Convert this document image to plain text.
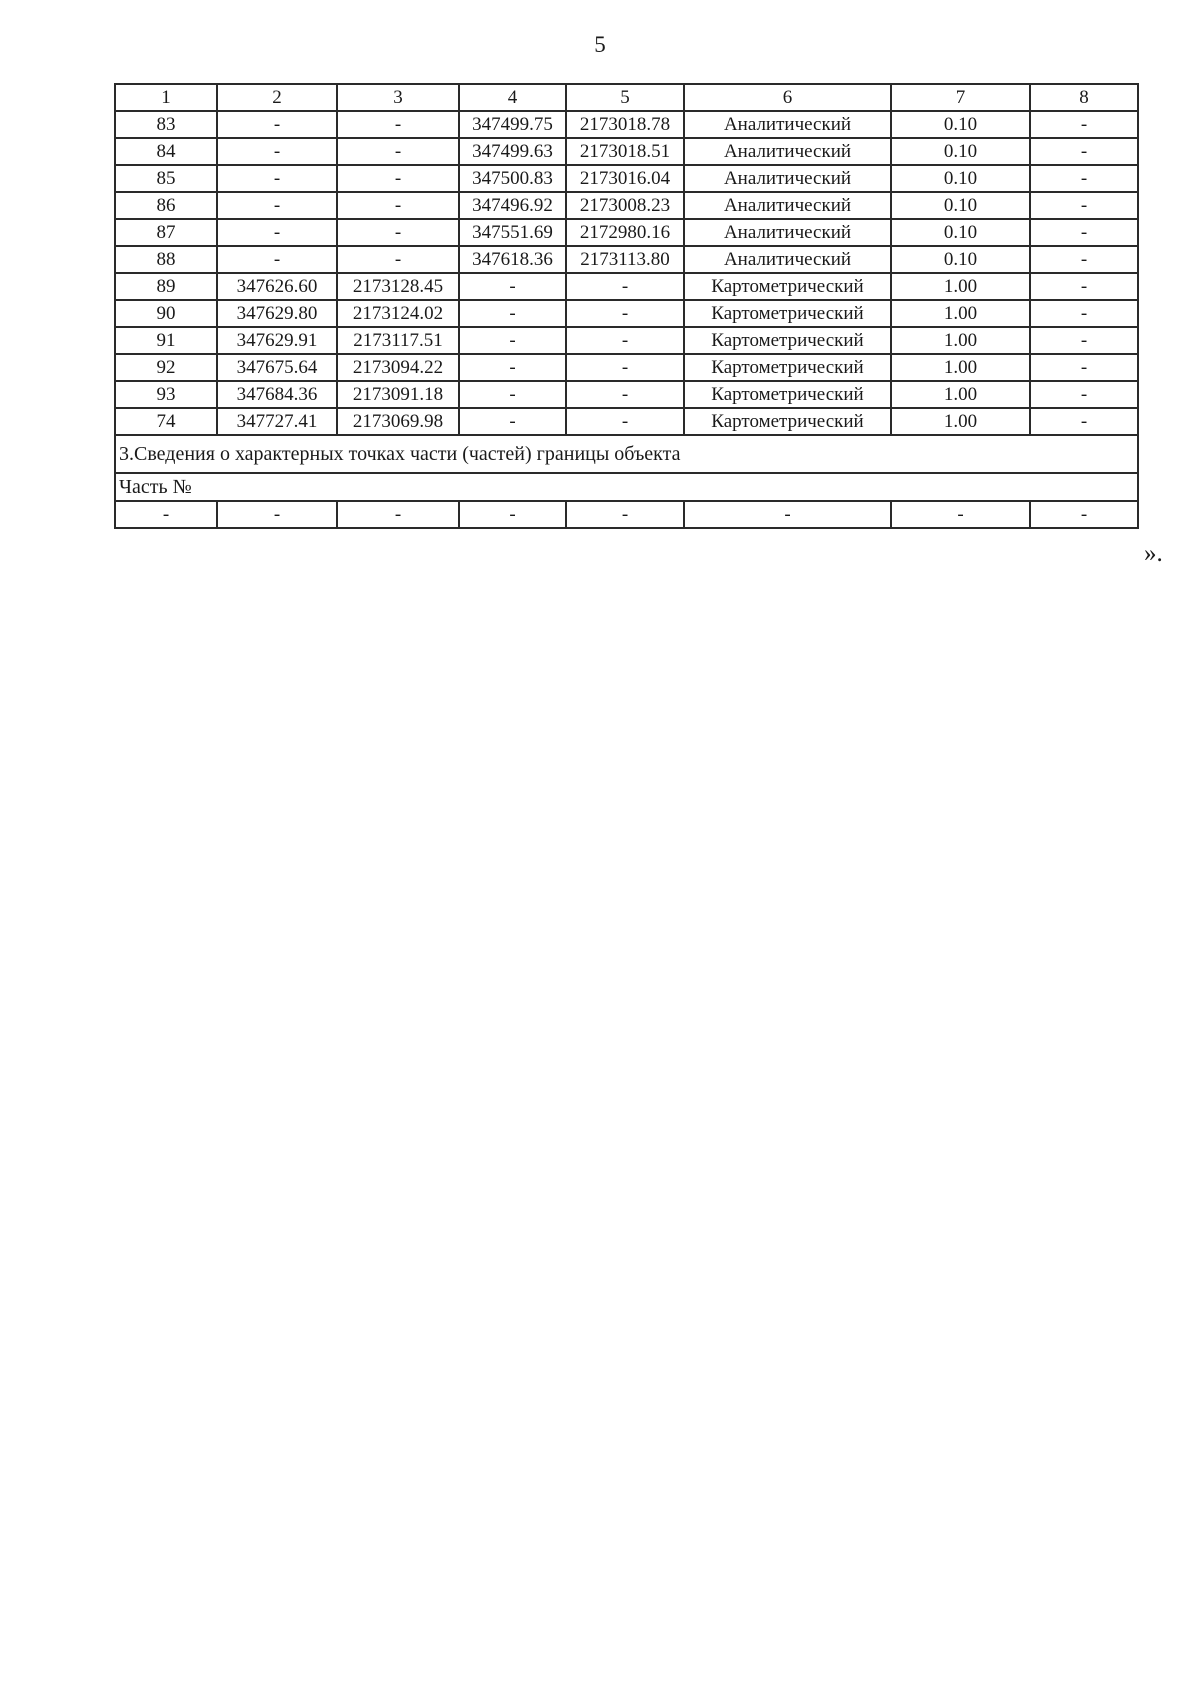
5
1	2	3	4	5	6	7	8
83	-	-	347499.75	2173018.78	Аналитический	0.10	-
84	-	-	347499.63	2173018.51	Аналитический	0.10	-
85	-	-	347500.83	2173016.04	Аналитический	0.10	-
86	-	-	347496.92	2173008.23	Аналитический	0.10	-
87	-	-	347551.69	2172980.16	Аналитический	0.10	-
88	-	-	347618.36	2173113.80	Аналитический	0.10	-
89	347626.60	2173128.45	-	-	Картометрический	1.00	-
90	347629.80	2173124.02	-	-	Картометрический	1.00	-
91	347629.91	2173117.51	-	-	Картометрический	1.00	-
92	347675.64	2173094.22	-	-	Картометрический	1.00	-
93	347684.36	2173091.18	-	-	Картометрический	1.00	-
74	347727.41	2173069.98	-	-	Картометрический	1.00	-
3.Сведения о характерных точках части (частей) границы объекта							
Часть №							
-	-	-	-	-	-	-	-
».
